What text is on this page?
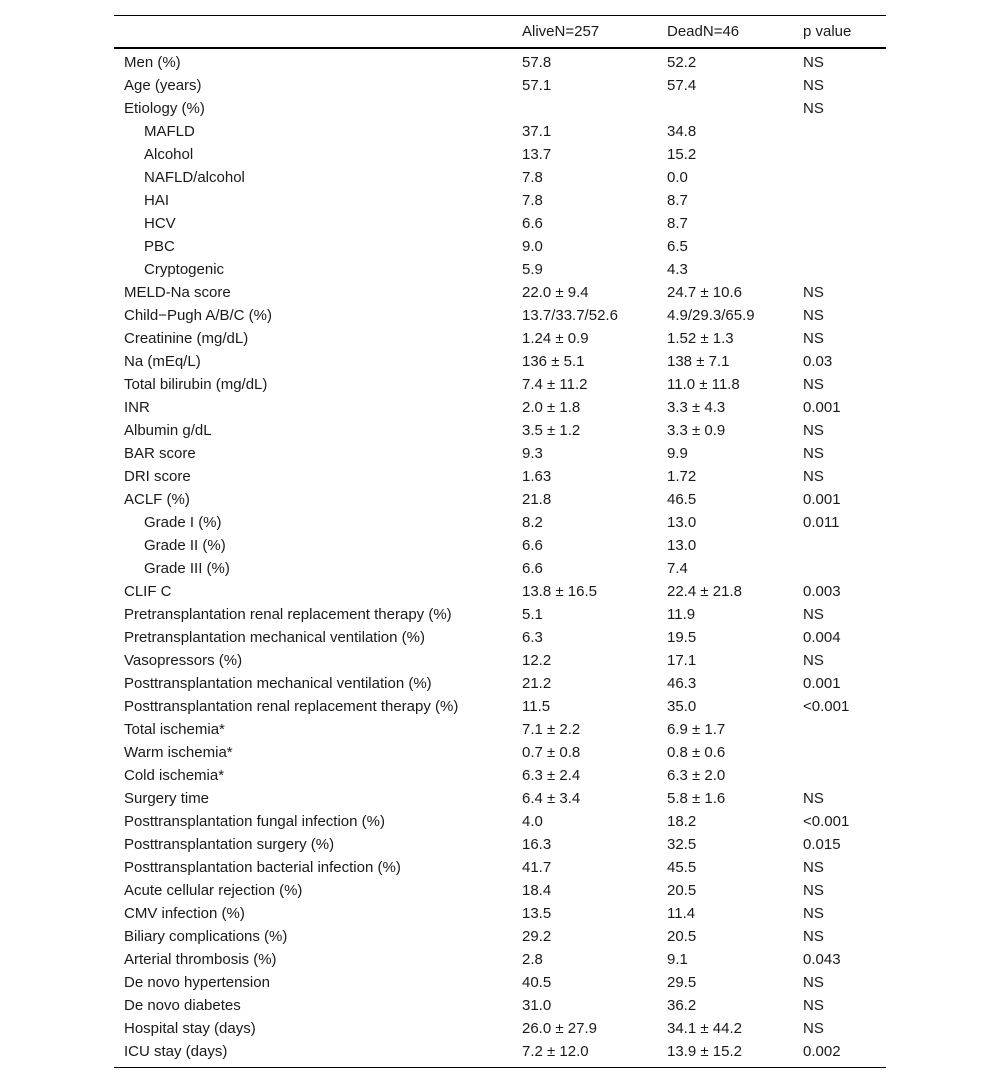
	AliveN=257	DeadN=46	p value
Men (%)	57.8	52.2	NS
Age (years)	57.1	57.4	NS
Etiology (%)			NS
MAFLD	37.1	34.8	
Alcohol	13.7	15.2	
NAFLD/alcohol	7.8	0.0	
HAI	7.8	8.7	
HCV	6.6	8.7	
PBC	9.0	6.5	
Cryptogenic	5.9	4.3	
MELD-Na score	22.0 ± 9.4	24.7 ± 10.6	NS
Child−Pugh A/B/C (%)	13.7/33.7/52.6	4.9/29.3/65.9	NS
Creatinine (mg/dL)	1.24 ± 0.9	1.52 ± 1.3	NS
Na (mEq/L)	136 ± 5.1	138 ± 7.1	0.03
Total bilirubin (mg/dL)	7.4 ± 11.2	11.0 ± 11.8	NS
INR	2.0 ± 1.8	3.3 ± 4.3	0.001
Albumin g/dL	3.5 ± 1.2	3.3 ± 0.9	NS
BAR score	9.3	9.9	NS
DRI score	1.63	1.72	NS
ACLF (%)	21.8	46.5	0.001
Grade I (%)	8.2	13.0	0.011
Grade II (%)	6.6	13.0	
Grade III (%)	6.6	7.4	
CLIF C	13.8 ± 16.5	22.4 ± 21.8	0.003
Pretransplantation renal replacement therapy (%)	5.1	11.9	NS
Pretransplantation mechanical ventilation (%)	6.3	19.5	0.004
Vasopressors (%)	12.2	17.1	NS
Posttransplantation mechanical ventilation (%)	21.2	46.3	0.001
Posttransplantation renal replacement therapy (%)	11.5	35.0	<0.001
Total ischemia*	7.1 ± 2.2	6.9 ± 1.7	
Warm ischemia*	0.7 ± 0.8	0.8 ± 0.6	
Cold ischemia*	6.3 ± 2.4	6.3 ± 2.0	
Surgery time	6.4 ± 3.4	5.8 ± 1.6	NS
Posttransplantation fungal infection (%)	4.0	18.2	<0.001
Posttransplantation surgery (%)	16.3	32.5	0.015
Posttransplantation bacterial infection (%)	41.7	45.5	NS
Acute cellular rejection (%)	18.4	20.5	NS
CMV infection (%)	13.5	11.4	NS
Biliary complications (%)	29.2	20.5	NS
Arterial thrombosis (%)	2.8	9.1	0.043
De novo hypertension	40.5	29.5	NS
De novo diabetes	31.0	36.2	NS
Hospital stay (days)	26.0 ± 27.9	34.1 ± 44.2	NS
ICU stay (days)	7.2 ± 12.0	13.9 ± 15.2	0.002
